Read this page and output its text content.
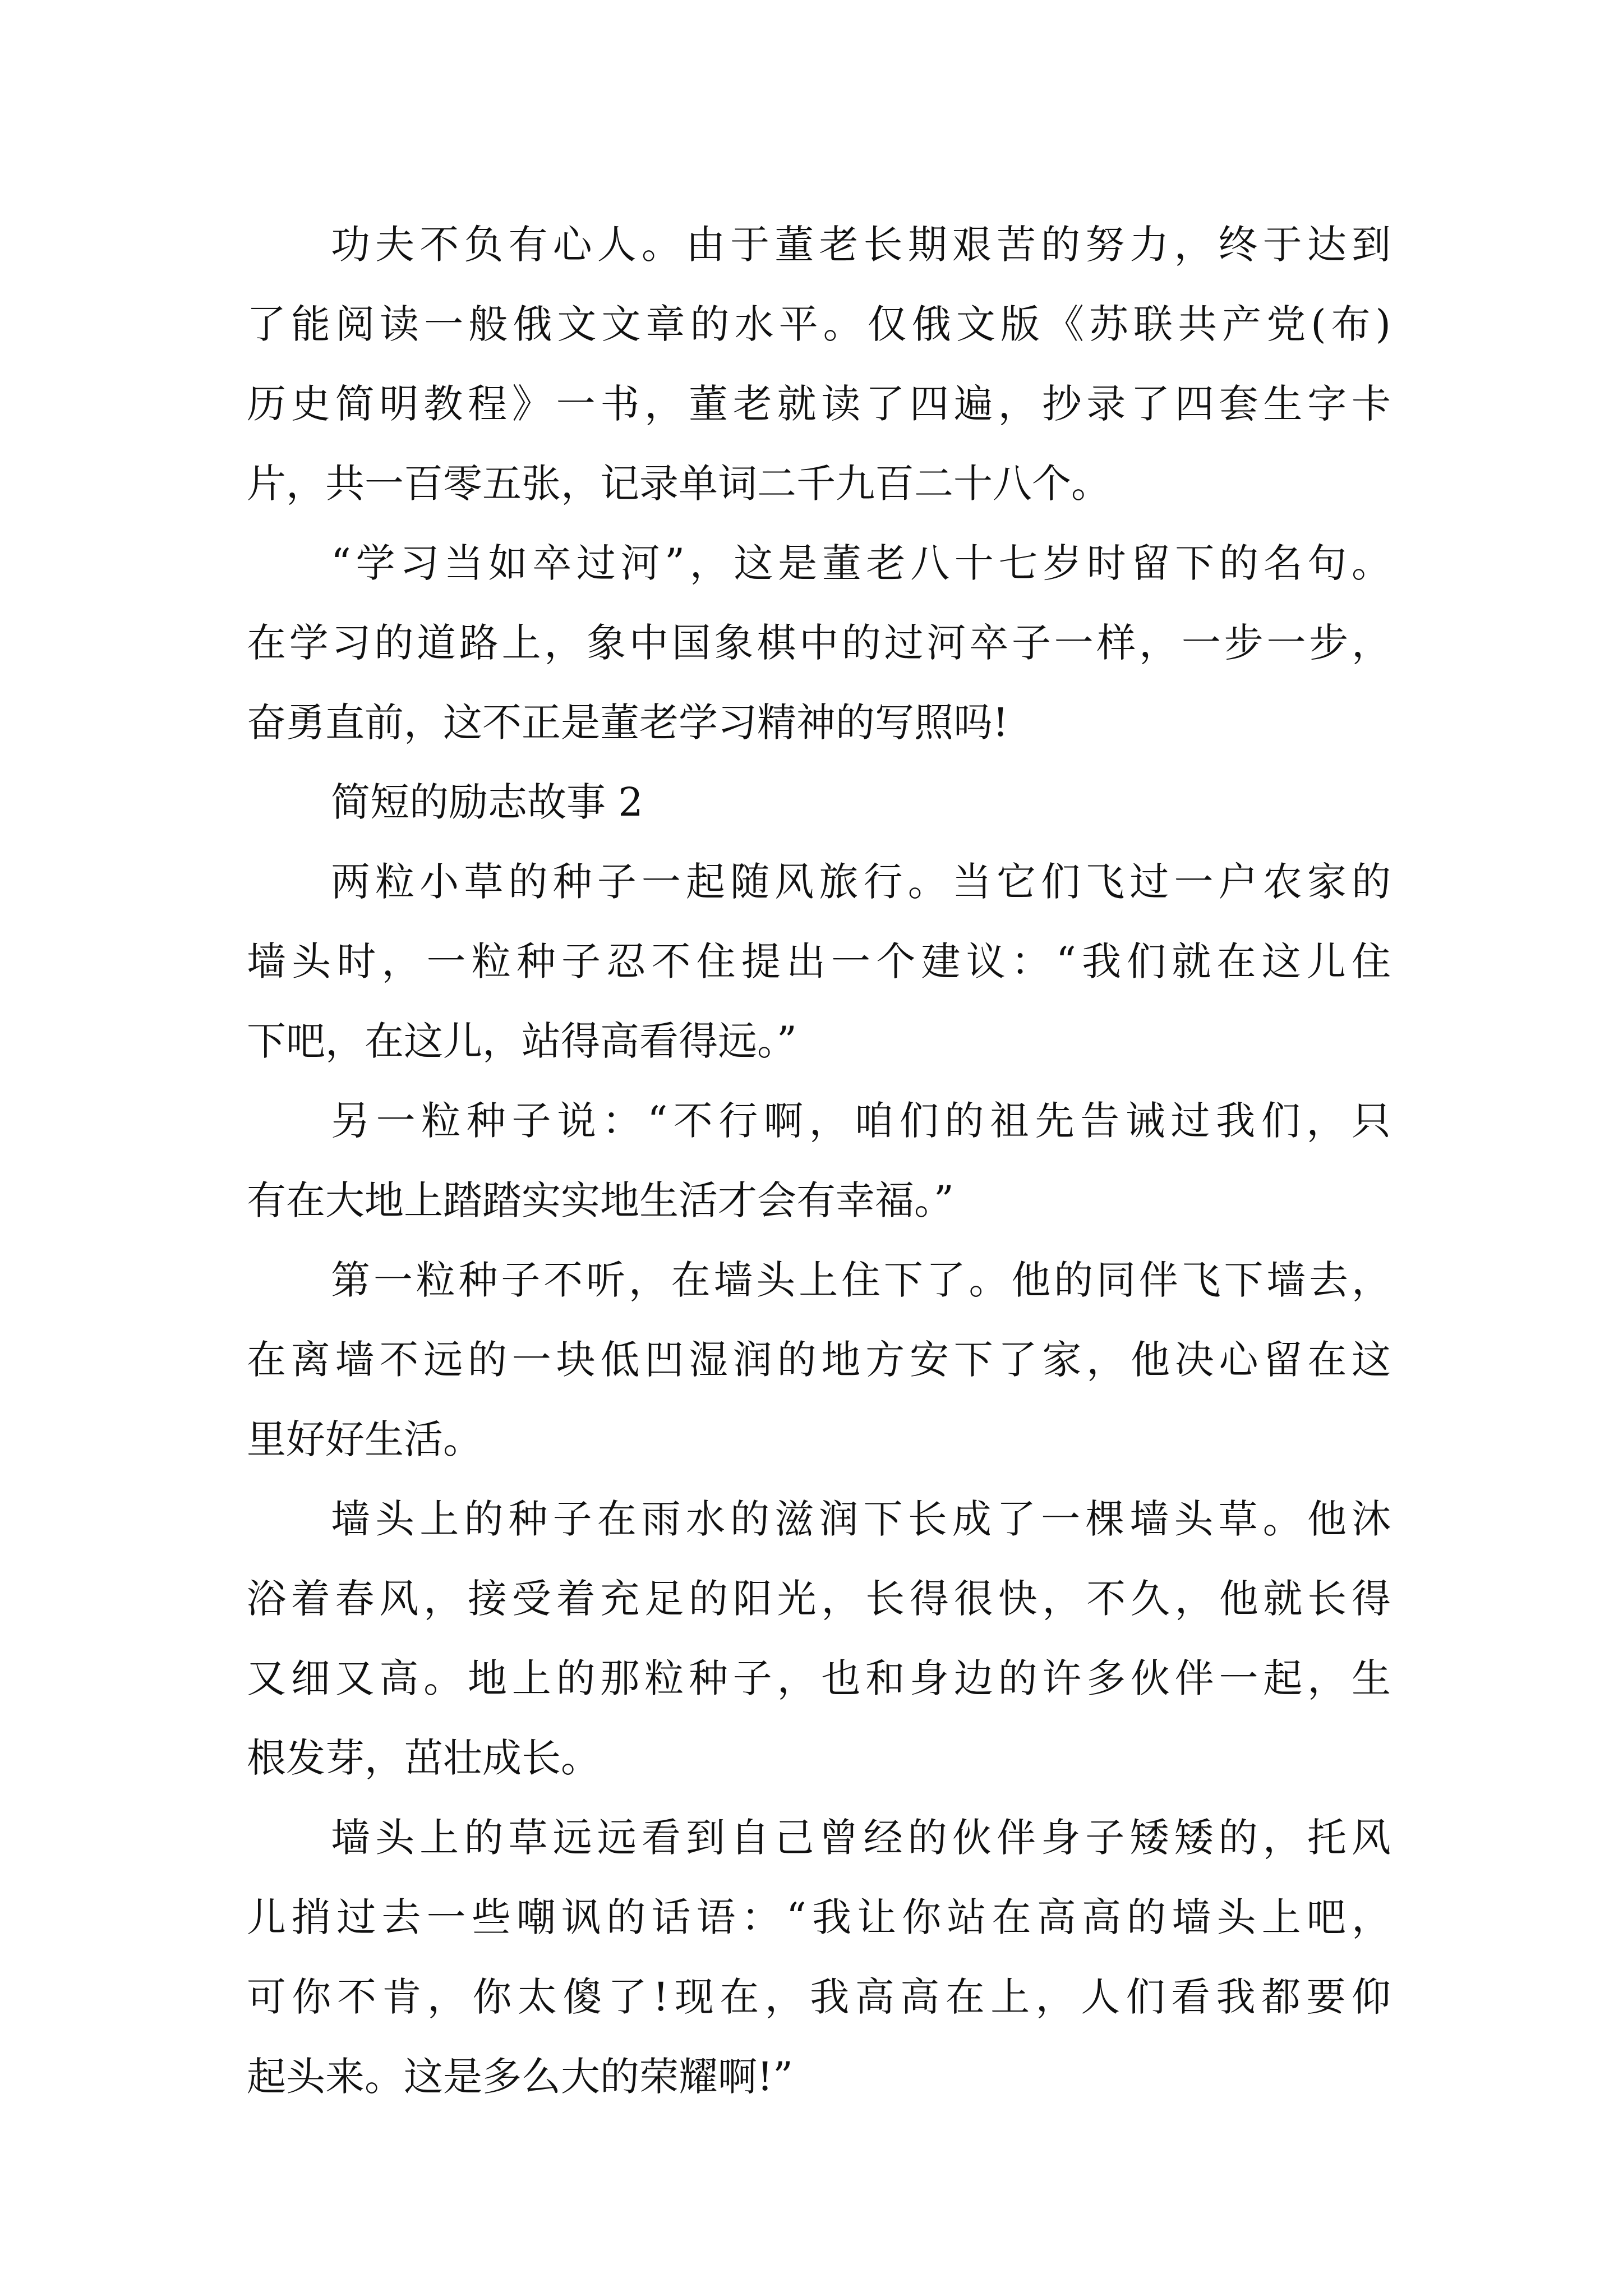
功夫不负有心人。由于董老长期艰苦的努力，终于达到
了能阅读一般俄文文章的水平。仅俄文版《苏联共产党(布)
历史简明教程》一书，董老就读了四遍，抄录了四套生字卡
片，共一百零五张，记录单词二千九百二十八个。
“学习当如卒过河”，这是董老八十七岁时留下的名句。
在学习的道路上，象中国象棋中的过河卒子一样，一步一步，
奋勇直前，这不正是董老学习精神的写照吗!
简短的励志故事 2
两粒小草的种子一起随风旅行。当它们飞过一户农家的
墙头时，一粒种子忍不住提出一个建议：“我们就在这儿住
下吧，在这儿，站得高看得远。”
另一粒种子说：“不行啊，咱们的祖先告诫过我们，只
有在大地上踏踏实实地生活才会有幸福。”
第一粒种子不听，在墙头上住下了。他的同伴飞下墙去，
在离墙不远的一块低凹湿润的地方安下了家，他决心留在这
里好好生活。
墙头上的种子在雨水的滋润下长成了一棵墙头草。他沐
浴着春风，接受着充足的阳光，长得很快，不久，他就长得
又细又高。地上的那粒种子，也和身边的许多伙伴一起，生
根发芽，茁壮成长。
墙头上的草远远看到自己曾经的伙伴身子矮矮的，托风
儿捎过去一些嘲讽的话语：“我让你站在高高的墙头上吧，
可你不肯，你太傻了!现在，我高高在上，人们看我都要仰
起头来。这是多么大的荣耀啊!”
